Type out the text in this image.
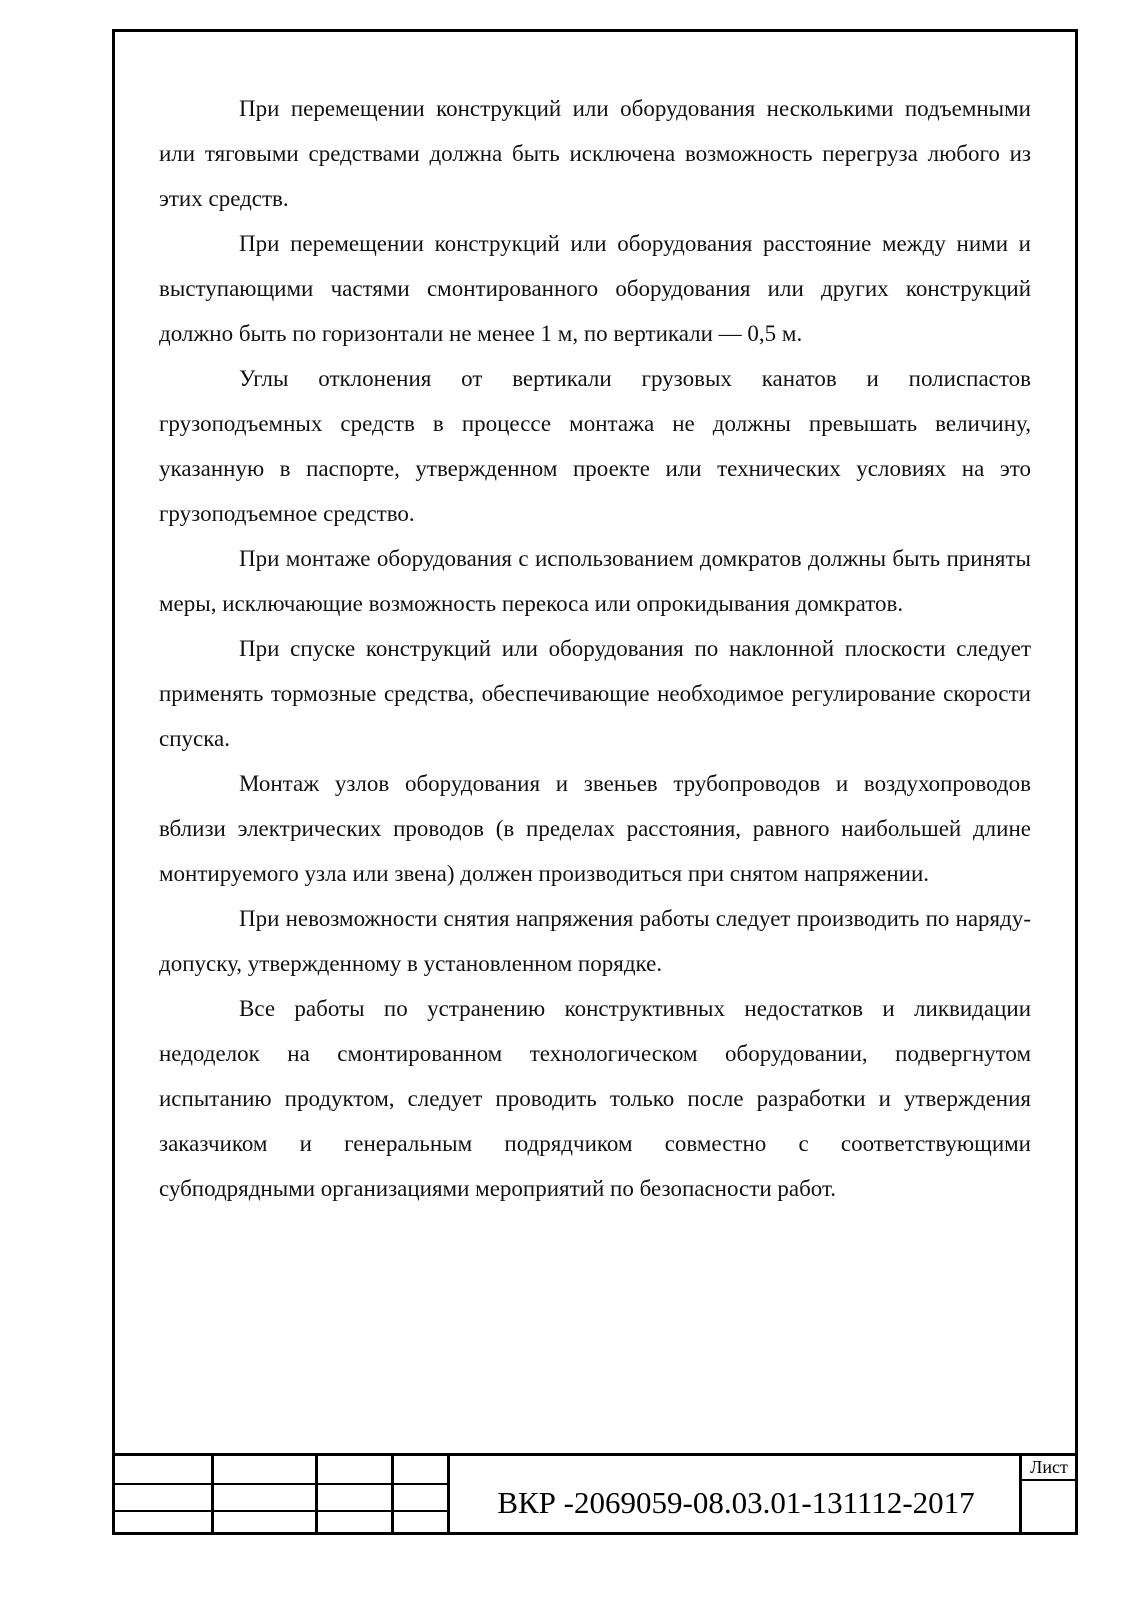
При перемещении конструкций или оборудования несколькими подъемными или тяговыми средствами должна быть исключена возможность перегруза любого из этих средств.

При перемещении конструкций или оборудования расстояние между ними и выступающими частями смонтированного оборудования или других конструкций должно быть по горизонтали не менее 1 м, по вертикали — 0,5 м.

Углы отклонения от вертикали грузовых канатов и полиспастов грузоподъемных средств в процессе монтажа не должны превышать величину, указанную в паспорте, утвержденном проекте или технических условиях на это грузоподъемное средство.

При монтаже оборудования с использованием домкратов должны быть приняты меры, исключающие возможность перекоса или опрокидывания домкратов.

При спуске конструкций или оборудования по наклонной плоскости следует применять тормозные средства, обеспечивающие необходимое регулирование скорости спуска.

Монтаж узлов оборудования и звеньев трубопроводов и воздухопроводов вблизи электрических проводов (в пределах расстояния, равного наибольшей длине монтируемого узла или звена) должен производиться при снятом напряжении.

При невозможности снятия напряжения работы следует производить по наряду-допуску, утвержденному в установленном порядке.

Все работы по устранению конструктивных недостатков и ликвидации недоделок на смонтированном технологическом оборудовании, подвергнутом испытанию продуктом, следует проводить только после разработки и утверждения заказчиком и генеральным подрядчиком совместно с соответствующими субподрядными организациями мероприятий по безопасности работ.

ВКР -2069059-08.03.01-131112-2017
Лист
